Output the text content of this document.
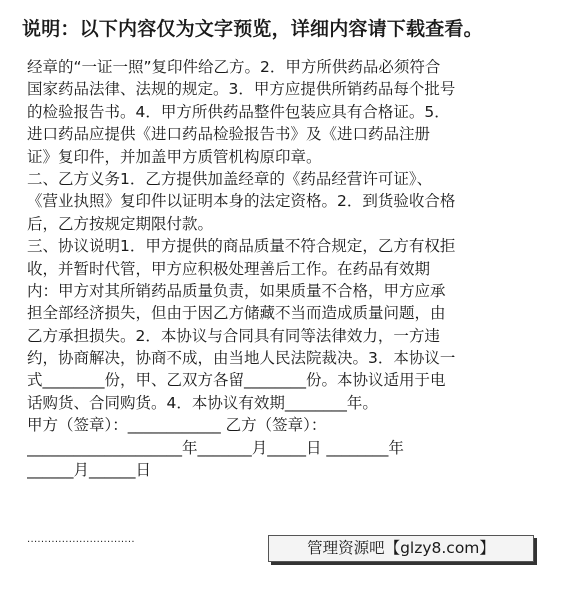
说明：以下内容仅为文字预览，详细内容请下载查看。
经章的“一证一照”复印件给乙方。2．甲方所供药品必须符合
国家药品法律、法规的规定。3．甲方应提供所销药品每个批号
的检验报告书。4．甲方所供药品整件包装应具有合格证。5．
进口药品应提供《进口药品检验报告书》及《进口药品注册
证》复印件，并加盖甲方质管机构原印章。
二、乙方义务1．乙方提供加盖经章的《药品经营许可证》、
《营业执照》复印件以证明本身的法定资格。2．到货验收合格
后，乙方按规定期限付款。
三、协议说明1．甲方提供的商品质量不符合规定，乙方有权拒
收，并暂时代管，甲方应积极处理善后工作。在药品有效期
内：甲方对其所销药品质量负责，如果质量不合格，甲方应承
担全部经济损失，但由于因乙方储藏不当而造成质量问题，由
乙方承担损失。2．本协议与合同具有同等法律效力，一方违
约，协商解决，协商不成，由当地人民法院裁决。3．本协议一
式________份，甲、乙双方各留________份。本协议适用于电
话购货、合同购货。4．本协议有效期________年。
甲方（签章）：____________ 乙方（签章）：
____________________年_______月_____日 ________年
______月______日
·······························	管理资源吧【glzy8.com】
